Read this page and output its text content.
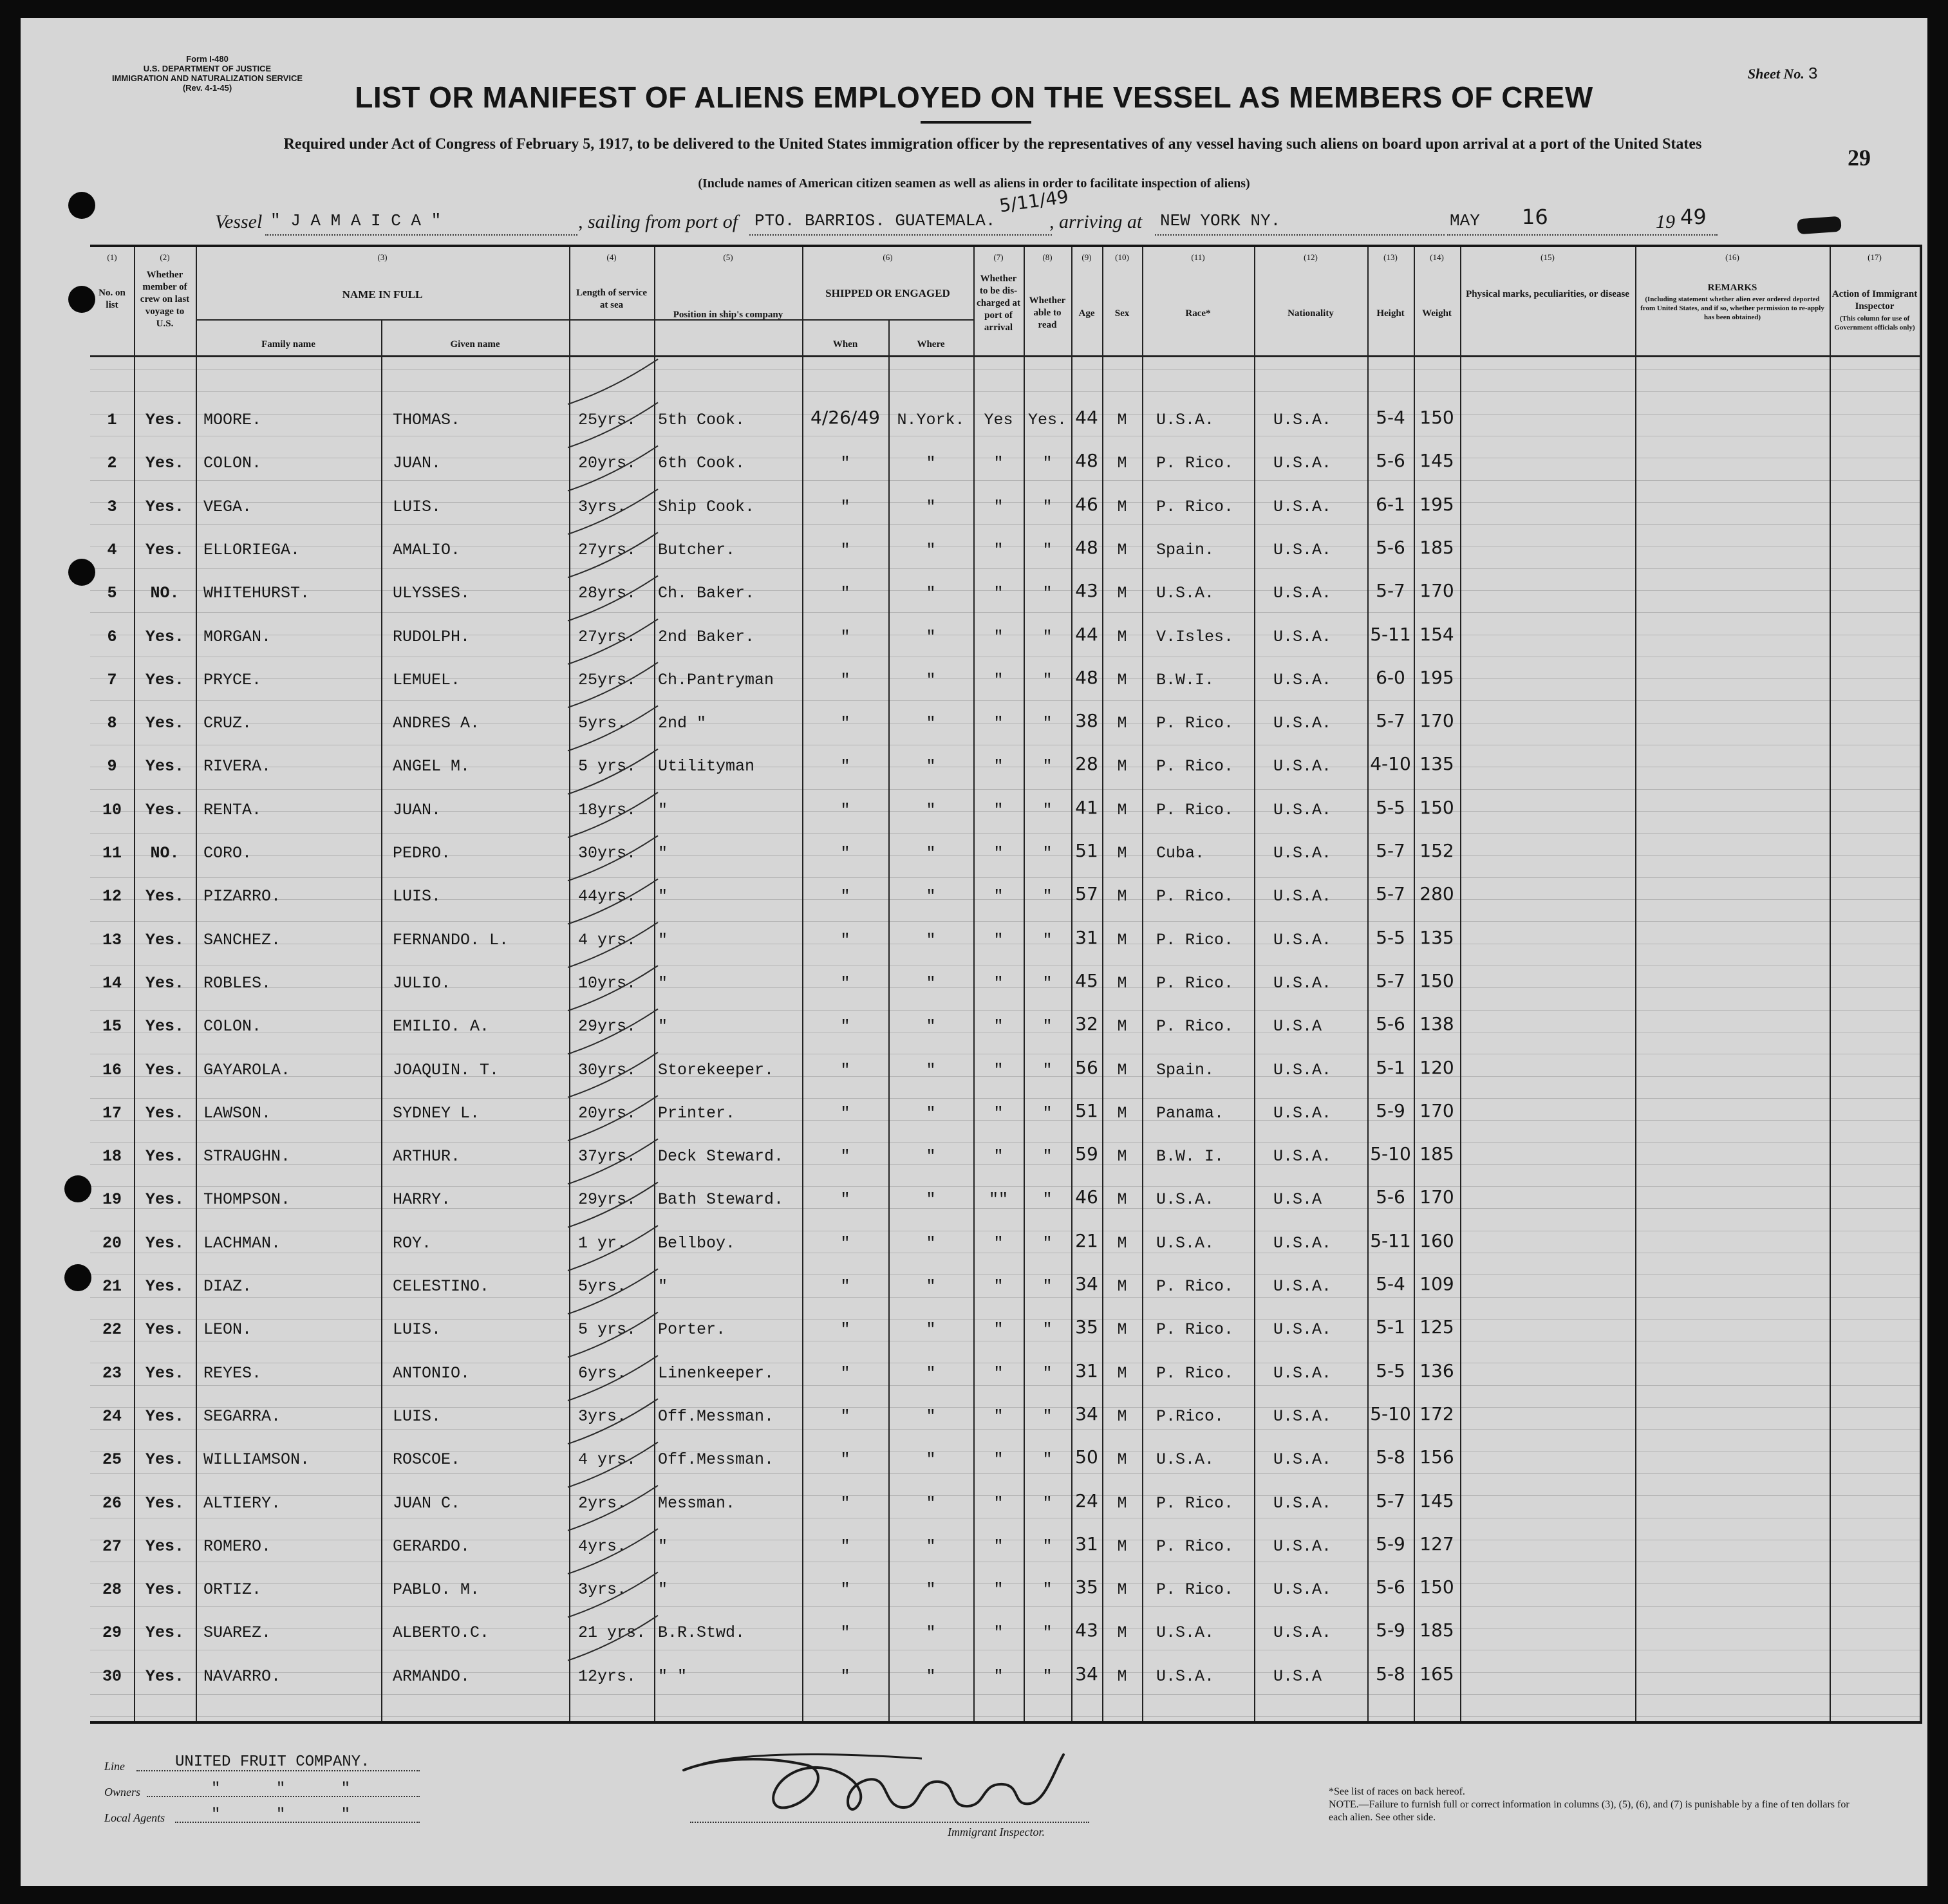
Form I-480
U.S. DEPARTMENT OF JUSTICE
IMMIGRATION AND NATURALIZATION SERVICE
(Rev. 4-1-45)
Sheet No. 3
LIST OR MANIFEST OF ALIENS EMPLOYED ON THE VESSEL AS MEMBERS OF CREW
Required under Act of Congress of February 5, 1917, to be delivered to the United States immigration officer by the representatives of any vessel having such aliens on board upon arrival at a port of the United States
(Include names of American citizen seamen as well as aliens in order to facilitate inspection of aliens)
29
Vessel " J A M A I C A "	, sailing from port of PTO. BARRIOS. GUATEMALA.
5/11/49
, arriving at NEW YORK NY.	MAY 16	19 49
1	Yes.	MOORE.	THOMAS.	25yrs. 5th Cook.	4/26/49	N.York.	Yes Yes. 44	M	U.S.A.	U.S.A.	5-4 150
2	Yes.	COLON.	JUAN.	20yrs. 6th Cook.	"	"	"	"	48	M	P. Rico. U.S.A.	5-6 145
3	Yes.	VEGA.	LUIS.	3yrs. Ship Cook.	"	"	"	"	46	M	P. Rico. U.S.A.	6-1 195
4	Yes.	ELLORIEGA.	AMALIO.	27yrs. Butcher.	"	"	"	"	48	M	Spain.	U.S.A.	5-6 185
5	NO.	WHITEHURST.	ULYSSES.	28yrs. Ch. Baker.	"	"	"	"	43	M	U.S.A.	U.S.A.	5-7 170
6	Yes.	MORGAN.	RUDOLPH.	27yrs. 2nd Baker.	"	"	"	"	44	M	V.Isles. U.S.A. 5-11 154
7	Yes.	PRYCE.	LEMUEL.	25yrs. Ch.Pantryman	"	"	"	"	48	M	B.W.I.	U.S.A.	6-0 195
8	Yes.	CRUZ.	ANDRES A.	5yrs. 2nd "	"	"	"	"	38	M	P. Rico. U.S.A.	5-7 170
9	Yes.	RIVERA.	ANGEL M.	5 yrs. Utilityman	"	"	"	"	28	M	P. Rico. U.S.A. 4-10 135
10	Yes.	RENTA.	JUAN.	18yrs. "	"	"	"	"	41	M	P. Rico. U.S.A.	5-5 150
11	NO.	CORO.	PEDRO.	30yrs. "	"	"	"	"	51	M	Cuba.	U.S.A.	5-7 152
12	Yes.	PIZARRO.	LUIS.	44yrs. "	"	"	"	"	57	M	P. Rico. U.S.A.	5-7 280
13	Yes.	SANCHEZ.	FERNANDO. L.	4 yrs. "	"	"	"	"	31	M	P. Rico. U.S.A.	5-5 135
14	Yes.	ROBLES.	JULIO.	10yrs. "	"	"	"	"	45	M	P. Rico. U.S.A.	5-7 150
15	Yes.	COLON.	EMILIO. A.	29yrs. "	"	"	"	"	32	M	P. Rico. U.S.A	5-6 138
16	Yes.	GAYAROLA.	JOAQUIN. T.	30yrs. Storekeeper.	"	"	"	"	56	M	Spain.	U.S.A.	5-1 120
17	Yes.	LAWSON.	SYDNEY L.	20yrs. Printer.	"	"	"	"	51	M	Panama.	U.S.A.	5-9 170
18	Yes.	STRAUGHN.	ARTHUR.	37yrs. Deck Steward.	"	"	"	"	59	M	B.W. I.	U.S.A. 5-10 185
19	Yes.	THOMPSON.	HARRY.	29yrs. Bath Steward.	"	"	""	"	46	M	U.S.A.	U.S.A	5-6 170
20	Yes.	LACHMAN.	ROY.	1 yr. Bellboy.	"	"	"	"	21	M	U.S.A.	U.S.A. 5-11 160
21	Yes.	DIAZ.	CELESTINO.	5yrs. "	"	"	"	"	34	M	P. Rico. U.S.A.	5-4 109
22	Yes.	LEON.	LUIS.	5 yrs. Porter.	"	"	"	"	35	M	P. Rico. U.S.A.	5-1 125
23	Yes.	REYES.	ANTONIO.	6yrs. Linenkeeper.	"	"	"	"	31	M	P. Rico. U.S.A.	5-5 136
24	Yes.	SEGARRA.	LUIS.	3yrs. Off.Messman.	"	"	"	"	34	M	P.Rico.	U.S.A. 5-10 172
25	Yes.	WILLIAMSON.	ROSCOE.	4 yrs. Off.Messman.	"	"	"	"	50	M	U.S.A.	U.S.A.	5-8 156
26	Yes.	ALTIERY.	JUAN C.	2yrs. Messman.	"	"	"	"	24	M	P. Rico. U.S.A.	5-7 145
27	Yes.	ROMERO.	GERARDO.	4yrs. "	"	"	"	"	31	M	P. Rico. U.S.A.	5-9 127
28	Yes.	ORTIZ.	PABLO. M.	3yrs. "	"	"	"	"	35	M	P. Rico. U.S.A.	5-6 150
29	Yes.	SUAREZ.	ALBERTO.C.	21 yrs. B.R.Stwd.	"	"	"	"	43	M	U.S.A.	U.S.A.	5-9 185
30	Yes.	NAVARRO.	ARMANDO.	12yrs. " "	"	"	"	"	34	M	U.S.A.	U.S.A	5-8 165
NAME IN FULL
Family name	Given name
SHIPPED OR ENGAGED
When	Where
(1)	(2)	(3)	(4)	(5)	(6)	(7)	(8)	(9)	(10)	(11)	(12)	(13)	(14)	(15)	(16)	(17)
No. on list
Whether member of crew on last voyage to U.S.
Length of service at sea
Position in ship's company
Whether to be dis- charged at port of arrival
Whether able to read
Age	Sex	Race*	Nationality	Height	Weight
Physical marks, peculiarities, or disease
REMARKS
(Including statement whether alien ever ordered deported from United States, and if so, whether permission to re-apply has been obtained)
Action of Immigrant Inspector
(This column for use of Government officials only)
Line	UNITED FRUIT COMPANY.
Owners	"      "      "
Local Agents	"      "      "
Immigrant Inspector.
*See list of races on back hereof.
NOTE.—Failure to furnish full or correct information in columns (3), (5), (6), and (7) is punishable by a fine of ten dollars for each alien. See other side.
